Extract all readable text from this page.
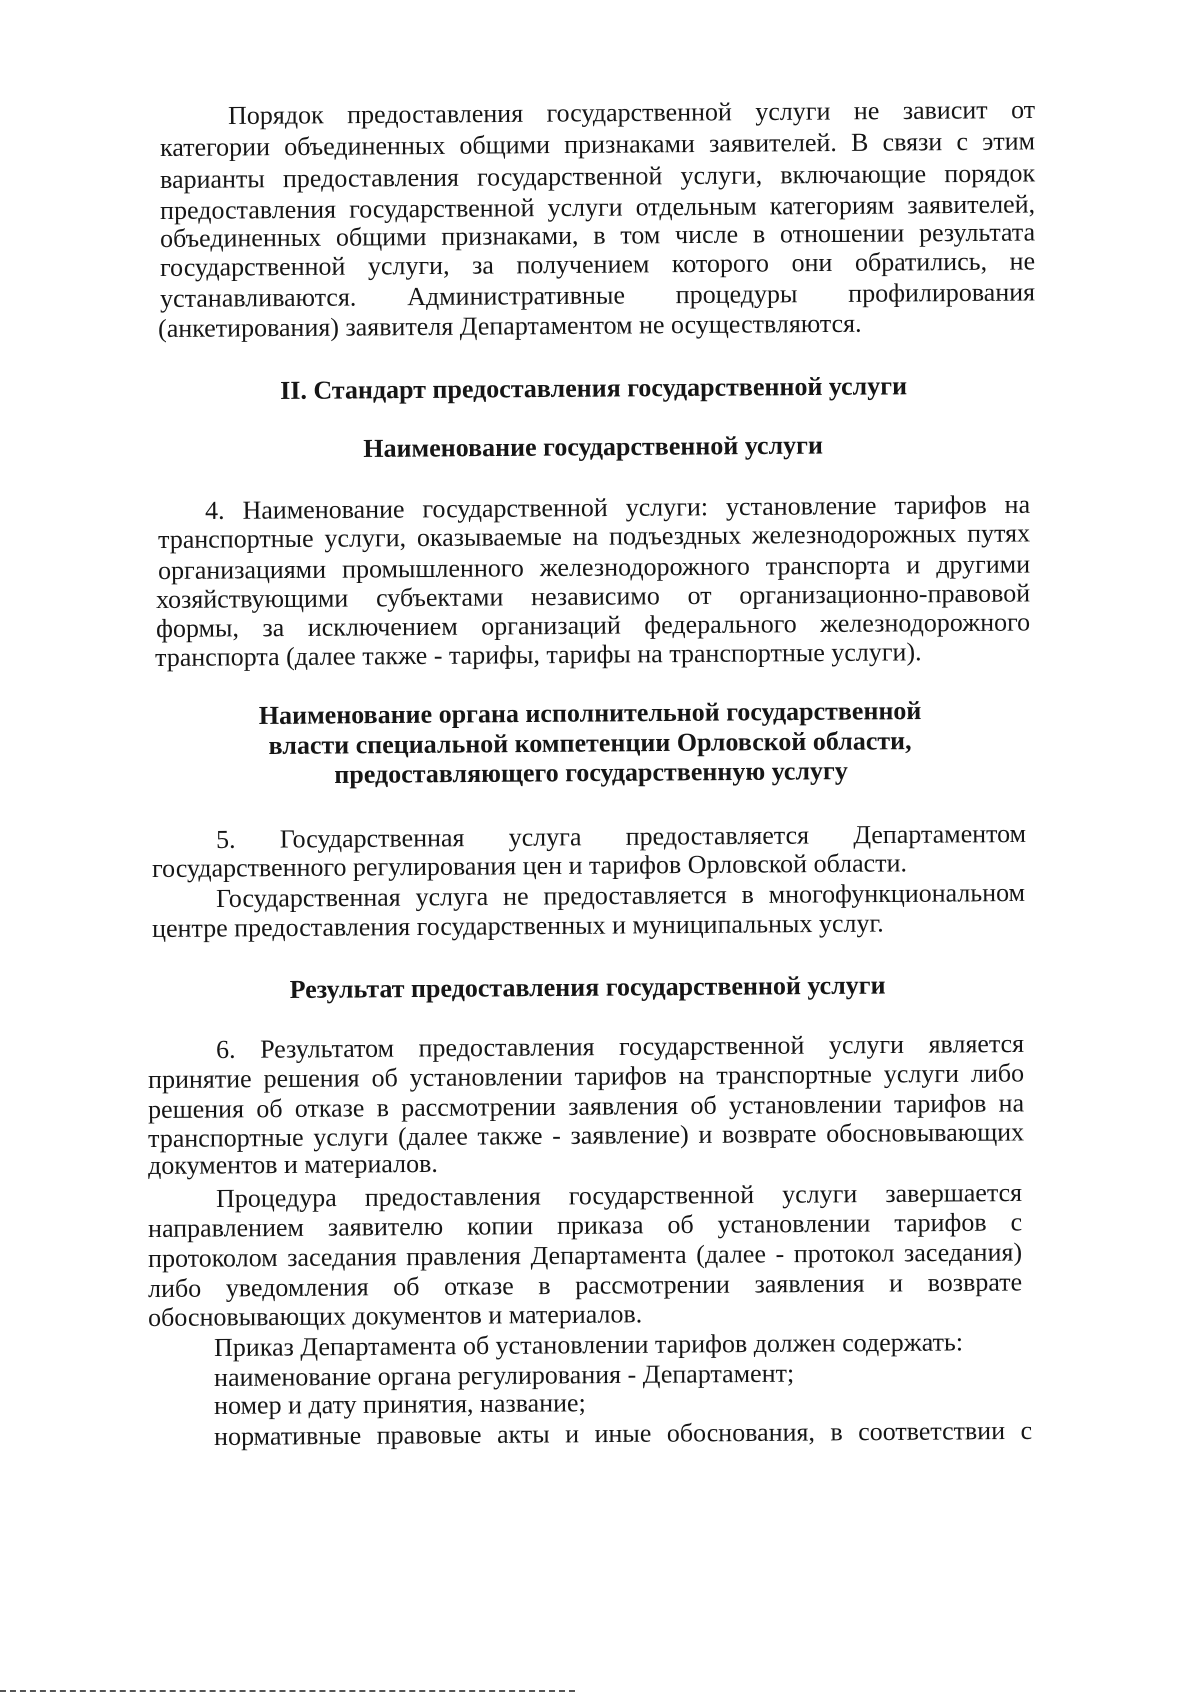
Порядок предоставления государственной услуги не зависит от
категории объединенных общими признаками заявителей. В связи с этим
варианты предоставления государственной услуги, включающие порядок
предоставления государственной услуги отдельным категориям заявителей,
объединенных общими признаками, в том числе в отношении результата
государственной услуги, за получением которого они обратились, не
устанавливаются. Административные процедуры профилирования
(анкетирования) заявителя Департаментом не осуществляются.
II. Стандарт предоставления государственной услуги
Наименование государственной услуги
4. Наименование государственной услуги: установление тарифов на
транспортные услуги, оказываемые на подъездных железнодорожных путях
организациями промышленного железнодорожного транспорта и другими
хозяйствующими субъектами независимо от организационно-правовой
формы, за исключением организаций федерального железнодорожного
транспорта (далее также - тарифы, тарифы на транспортные услуги).
Наименование органа исполнительной государственной
власти специальной компетенции Орловской области,
предоставляющего государственную услугу
5. Государственная услуга предоставляется Департаментом
государственного регулирования цен и тарифов Орловской области.
Государственная услуга не предоставляется в многофункциональном
центре предоставления государственных и муниципальных услуг.
Результат предоставления государственной услуги
6. Результатом предоставления государственной услуги является
принятие решения об установлении тарифов на транспортные услуги либо
решения об отказе в рассмотрении заявления об установлении тарифов на
транспортные услуги (далее также - заявление) и возврате обосновывающих
документов и материалов.
Процедура предоставления государственной услуги завершается
направлением заявителю копии приказа об установлении тарифов с
протоколом заседания правления Департамента (далее - протокол заседания)
либо уведомления об отказе в рассмотрении заявления и возврате
обосновывающих документов и материалов.
Приказ Департамента об установлении тарифов должен содержать:
наименование органа регулирования - Департамент;
номер и дату принятия, название;
нормативные правовые акты и иные обоснования, в соответствии с
